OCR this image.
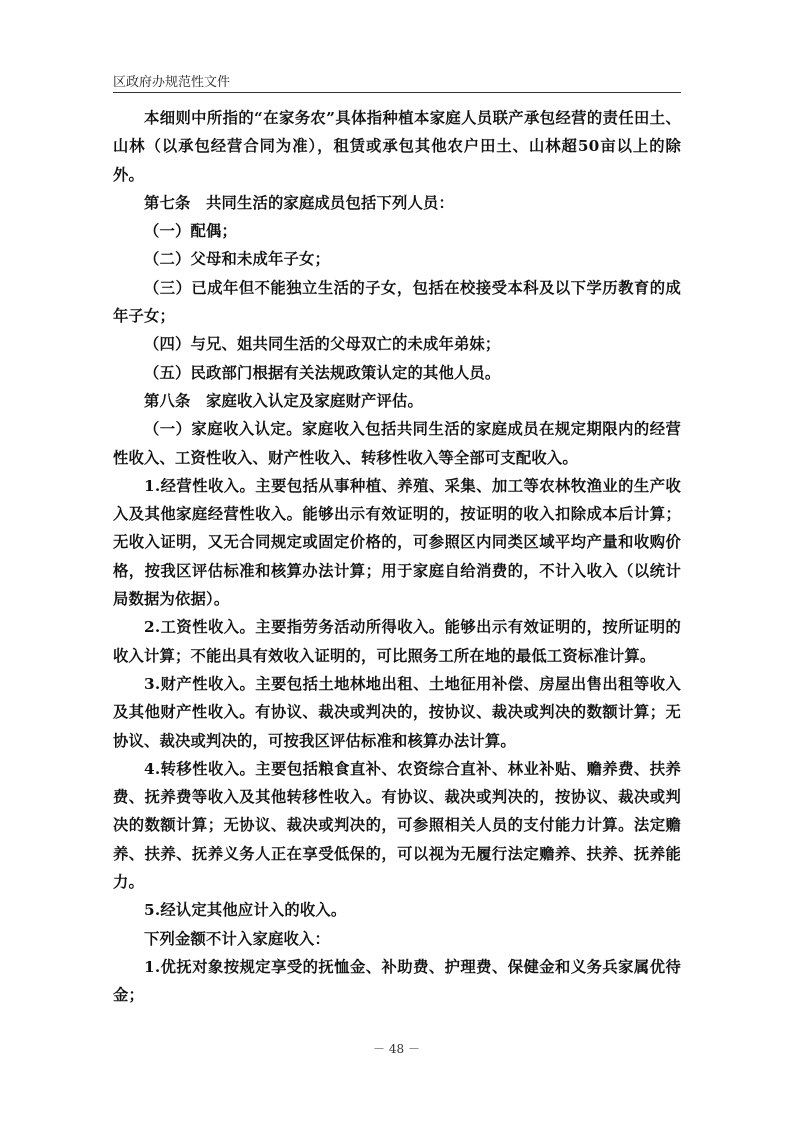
区政府办规范性文件

本细则中所指的“在家务农”具体指种植本家庭人员联产承包经营的责任田土、山林（以承包经营合同为准），租赁或承包其他农户田土、山林超50亩以上的除外。

第七条　共同生活的家庭成员包括下列人员：

（一）配偶；

（二）父母和未成年子女；

（三）已成年但不能独立生活的子女，包括在校接受本科及以下学历教育的成年子女；

（四）与兄、姐共同生活的父母双亡的未成年弟妹；

（五）民政部门根据有关法规政策认定的其他人员。

第八条　家庭收入认定及家庭财产评估。

（一）家庭收入认定。家庭收入包括共同生活的家庭成员在规定期限内的经营性收入、工资性收入、财产性收入、转移性收入等全部可支配收入。

1.经营性收入。主要包括从事种植、养殖、采集、加工等农林牧渔业的生产收入及其他家庭经营性收入。能够出示有效证明的，按证明的收入扣除成本后计算；无收入证明，又无合同规定或固定价格的，可参照区内同类区域平均产量和收购价格，按我区评估标准和核算办法计算；用于家庭自给消费的，不计入收入（以统计局数据为依据）。

2.工资性收入。主要指劳务活动所得收入。能够出示有效证明的，按所证明的收入计算；不能出具有效收入证明的，可比照务工所在地的最低工资标准计算。

3.财产性收入。主要包括土地林地出租、土地征用补偿、房屋出售出租等收入及其他财产性收入。有协议、裁决或判决的，按协议、裁决或判决的数额计算；无协议、裁决或判决的，可按我区评估标准和核算办法计算。

4.转移性收入。主要包括粮食直补、农资综合直补、林业补贴、赡养费、扶养费、抚养费等收入及其他转移性收入。有协议、裁决或判决的，按协议、裁决或判决的数额计算；无协议、裁决或判决的，可参照相关人员的支付能力计算。法定赡养、扶养、抚养义务人正在享受低保的，可以视为无履行法定赡养、扶养、抚养能力。

5.经认定其他应计入的收入。

下列金额不计入家庭收入：

1.优抚对象按规定享受的抚恤金、补助费、护理费、保健金和义务兵家属优待金；

－ 48 －
